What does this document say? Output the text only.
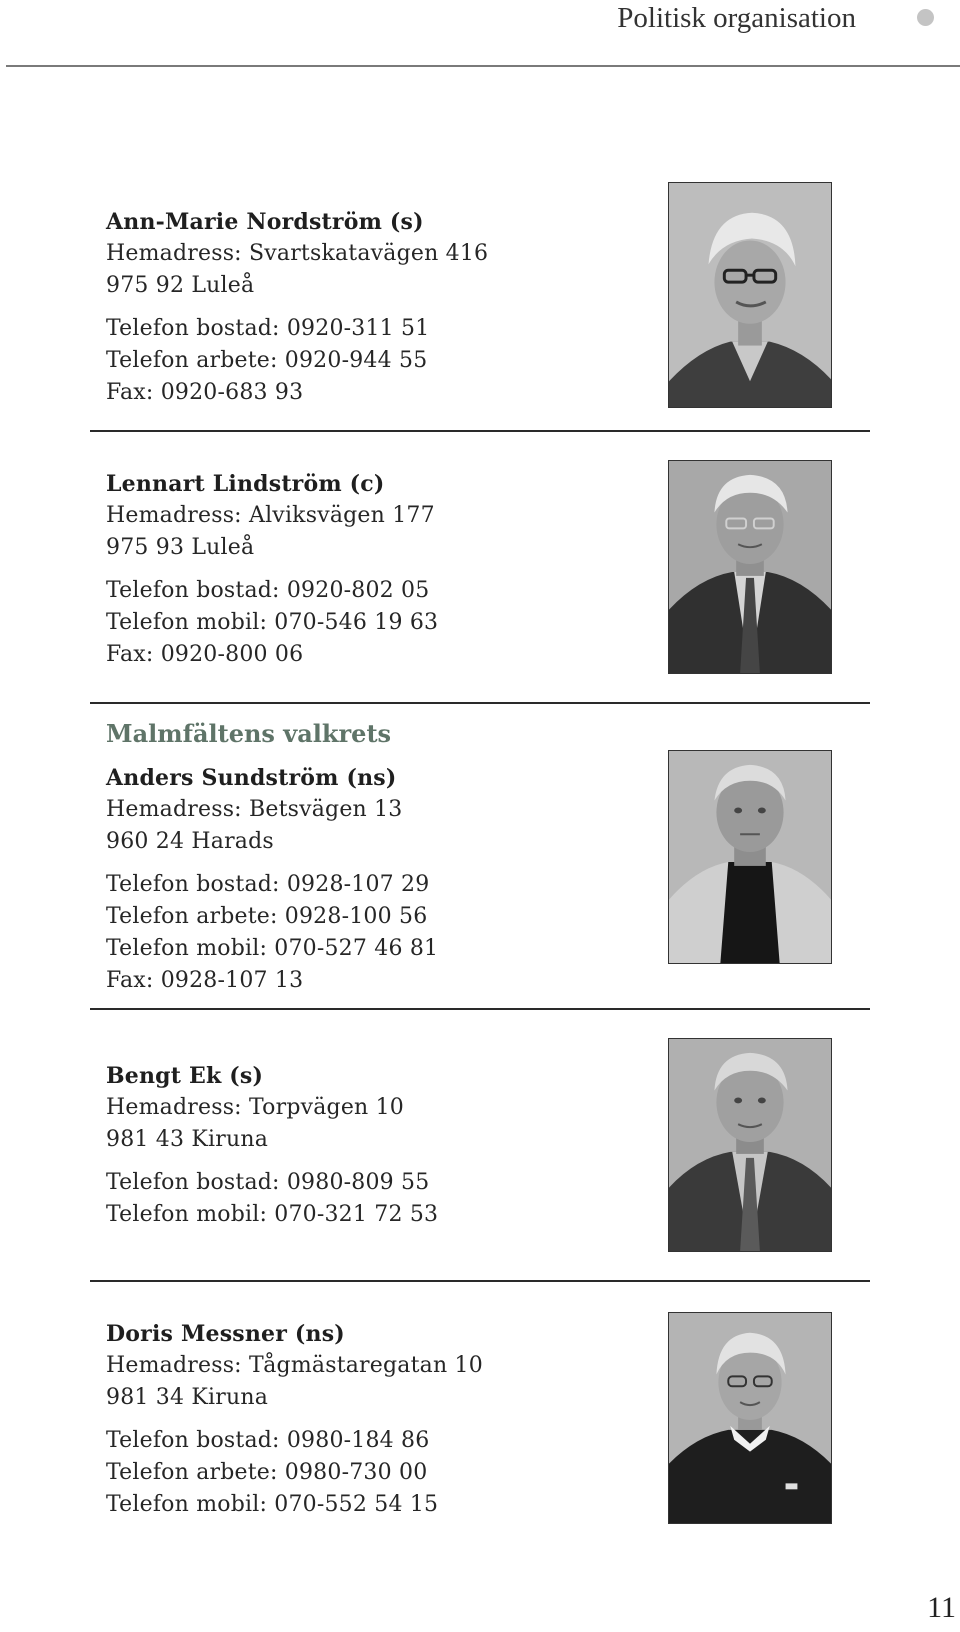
Politisk organisation
Ann-Marie Nordström (s)
Hemadress: Svartskatavägen 416
975 92 Luleå
Telefon bostad: 0920-311 51
Telefon arbete: 0920-944 55
Fax: 0920-683 93
Lennart Lindström (c)
Hemadress: Alviksvägen 177
975 93 Luleå
Telefon bostad: 0920-802 05
Telefon mobil: 070-546 19 63
Fax: 0920-800 06
Malmfältens valkrets
Anders Sundström (ns)
Hemadress: Betsvägen 13
960 24 Harads
Telefon bostad: 0928-107 29
Telefon arbete: 0928-100 56
Telefon mobil: 070-527 46 81
Fax: 0928-107 13
Bengt Ek (s)
Hemadress: Torpvägen 10
981 43 Kiruna
Telefon bostad: 0980-809 55
Telefon mobil: 070-321 72 53
Doris Messner (ns)
Hemadress: Tågmästaregatan 10
981 34 Kiruna
Telefon bostad: 0980-184 86
Telefon arbete: 0980-730 00
Telefon mobil: 070-552 54 15
11
